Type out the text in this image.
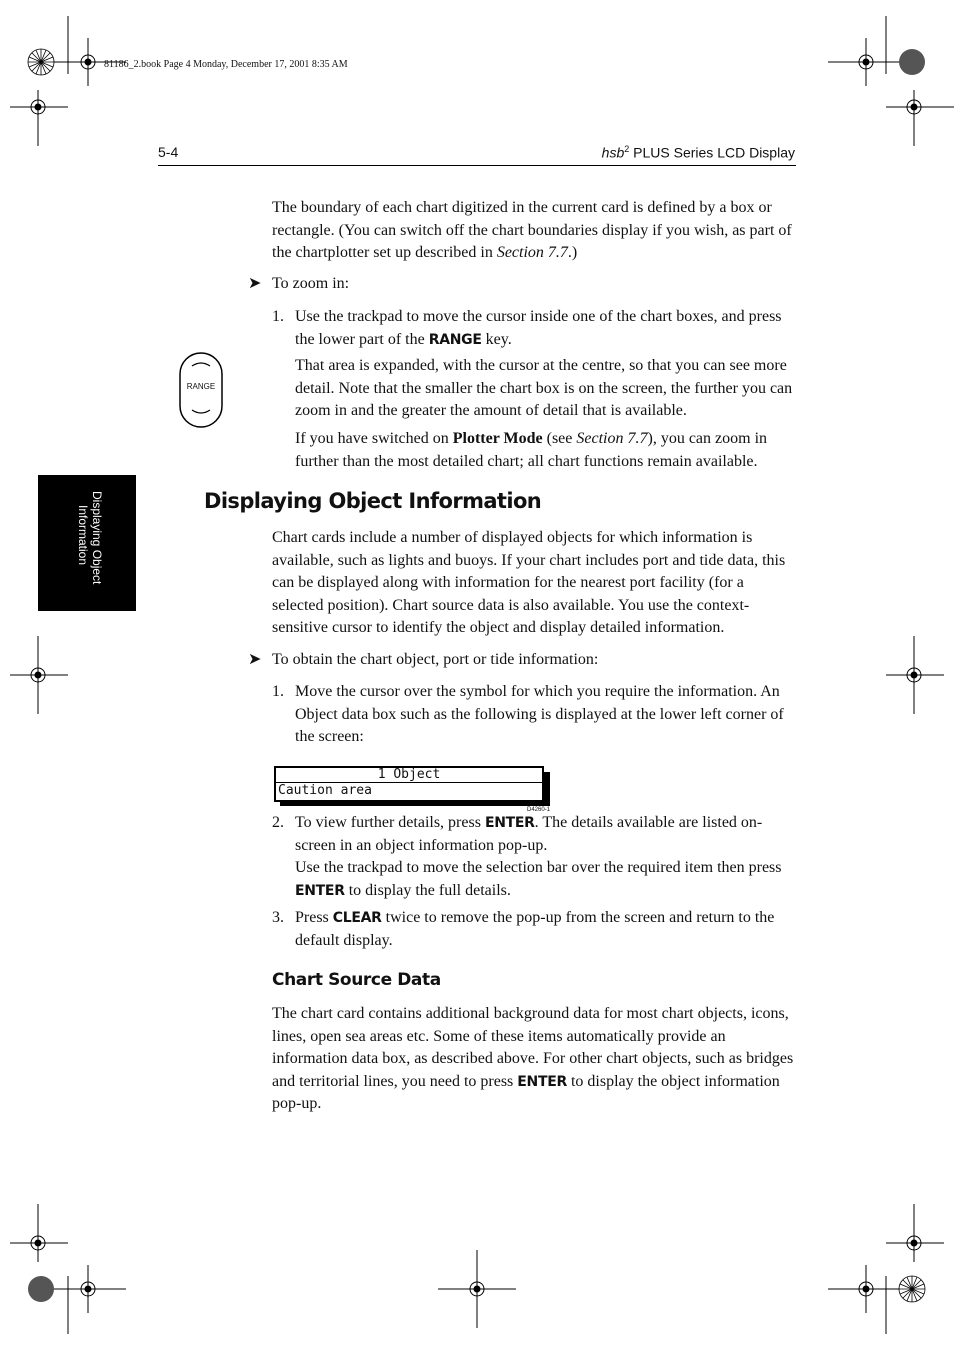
81186_2.book Page 4 Monday, December 17, 2001 8:35 AM
5-4	hsb$^2$ PLUS Series LCD Display
Displaying Object
Information
RANGE

The boundary of each chart digitized in the current card is defined by a box or rectangle. (You can switch off the chart boundaries display if you wish, as part of the chartplotter set up described in Section 7.7.)

➤ To zoom in:
1. Use the trackpad to move the cursor inside one of the chart boxes, and press the lower part of the RANGE key.

That area is expanded, with the cursor at the centre, so that you can see more detail. Note that the smaller the chart box is on the screen, the further you can zoom in and the greater the amount of detail that is available.

If you have switched on Plotter Mode (see Section 7.7), you can zoom in further than the most detailed chart; all chart functions remain available.

Displaying Object Information

Chart cards include a number of displayed objects for which information is available, such as lights and buoys. If your chart includes port and tide data, this can be displayed along with information for the nearest port facility (for a selected position). Chart source data is also available. You use the context-sensitive cursor to identify the object and display detailed information.

➤ To obtain the chart object, port or tide information:
1. Move the cursor over the symbol for which you require the information. An Object data box such as the following is displayed at the lower left corner of the screen:

1 Object
Caution area
D4260-1
2. To view further details, press ENTER. The details available are listed on-screen in an object information pop-up.

Use the trackpad to move the selection bar over the required item then press ENTER to display the full details.

3. Press CLEAR twice to remove the pop-up from the screen and return to the default display.

Chart Source Data

The chart card contains additional background data for most chart objects, icons, lines, open sea areas etc. Some of these items automatically provide an information data box, as described above. For other chart objects, such as bridges and territorial lines, you need to press ENTER to display the object information pop-up.
